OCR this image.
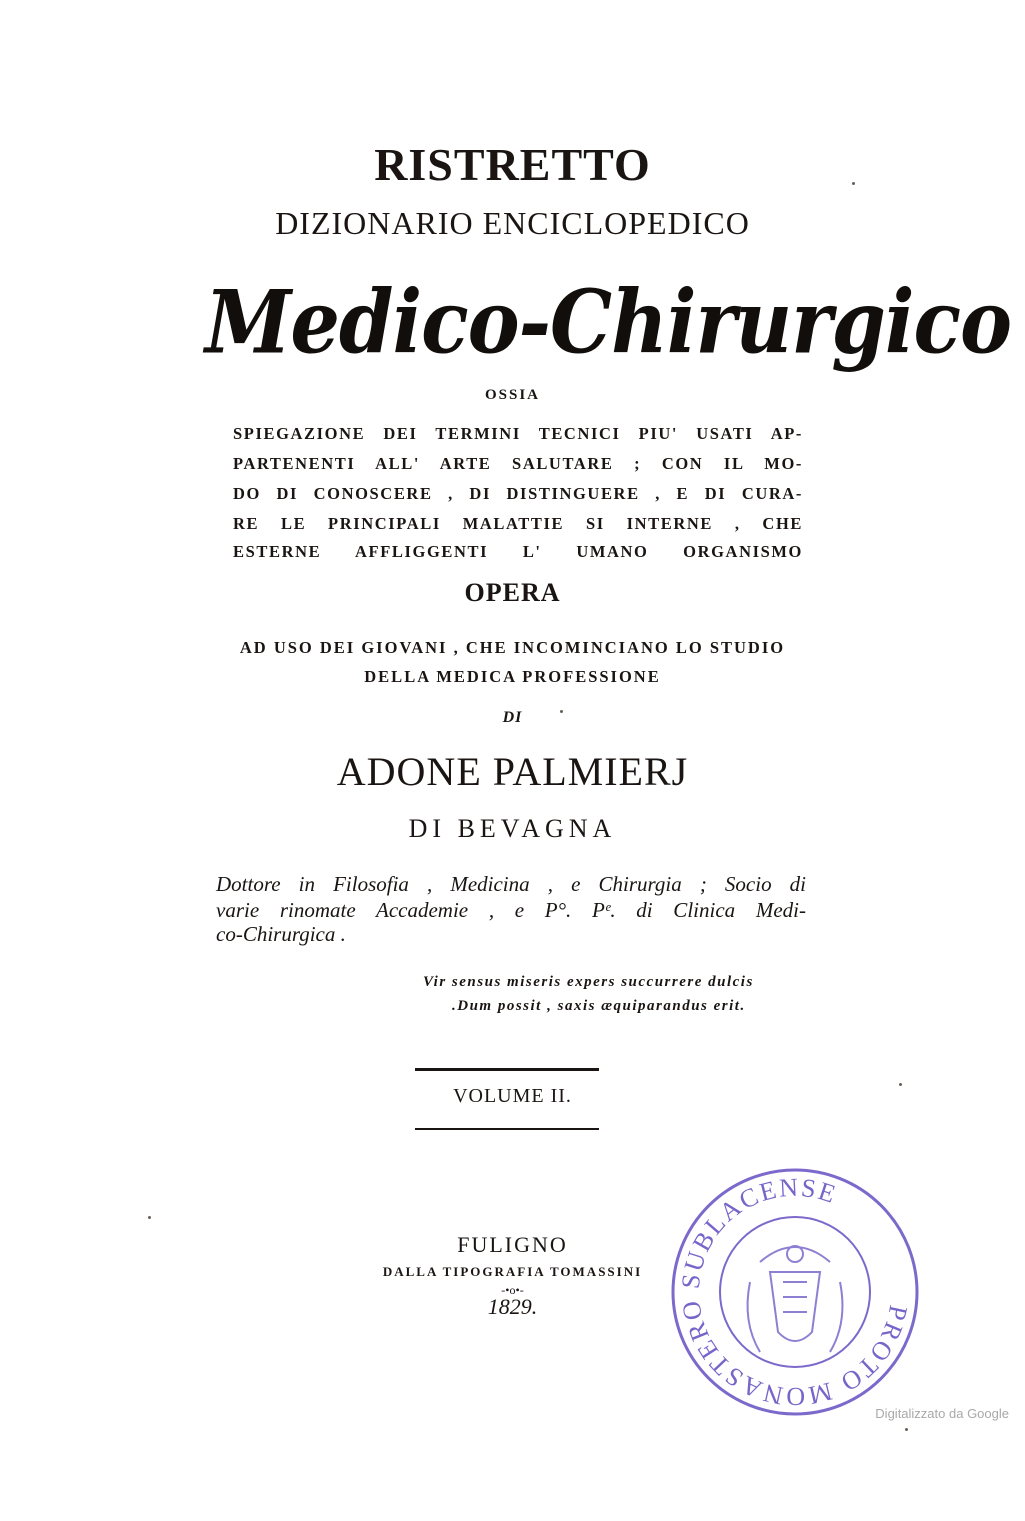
RISTRETTO
DIZIONARIO ENCICLOPEDICO
Medico-Chirurgico
OSSIA
SPIEGAZIONE DEI TERMINI TECNICI PIU' USATI AP-
PARTENENTI ALL' ARTE SALUTARE ; CON IL MO-
DO DI CONOSCERE , DI DISTINGUERE , E DI CURA-
RE LE PRINCIPALI MALATTIE SI INTERNE , CHE
ESTERNE AFFLIGGENTI L' UMANO ORGANISMO
OPERA
AD USO DEI GIOVANI , CHE INCOMINCIANO LO STUDIO
DELLA MEDICA PROFESSIONE
DI
ADONE PALMIERJ
DI BEVAGNA
Dottore in Filosofia , Medicina , e Chirurgia ; Socio di
varie rinomate Accademie , e P°. Pᵉ. di Clinica Medi-
co-Chirurgica .
Vir sensus miseris expers succurrere dulcis
.Dum possit , saxis æquiparandus erit.
VOLUME II.
FULIGNO
DALLA TIPOGRAFIA TOMASSINI
-•o•-
1829.	PROTO MONASTERO SUBLACENSE
Digitalizzato da Google
